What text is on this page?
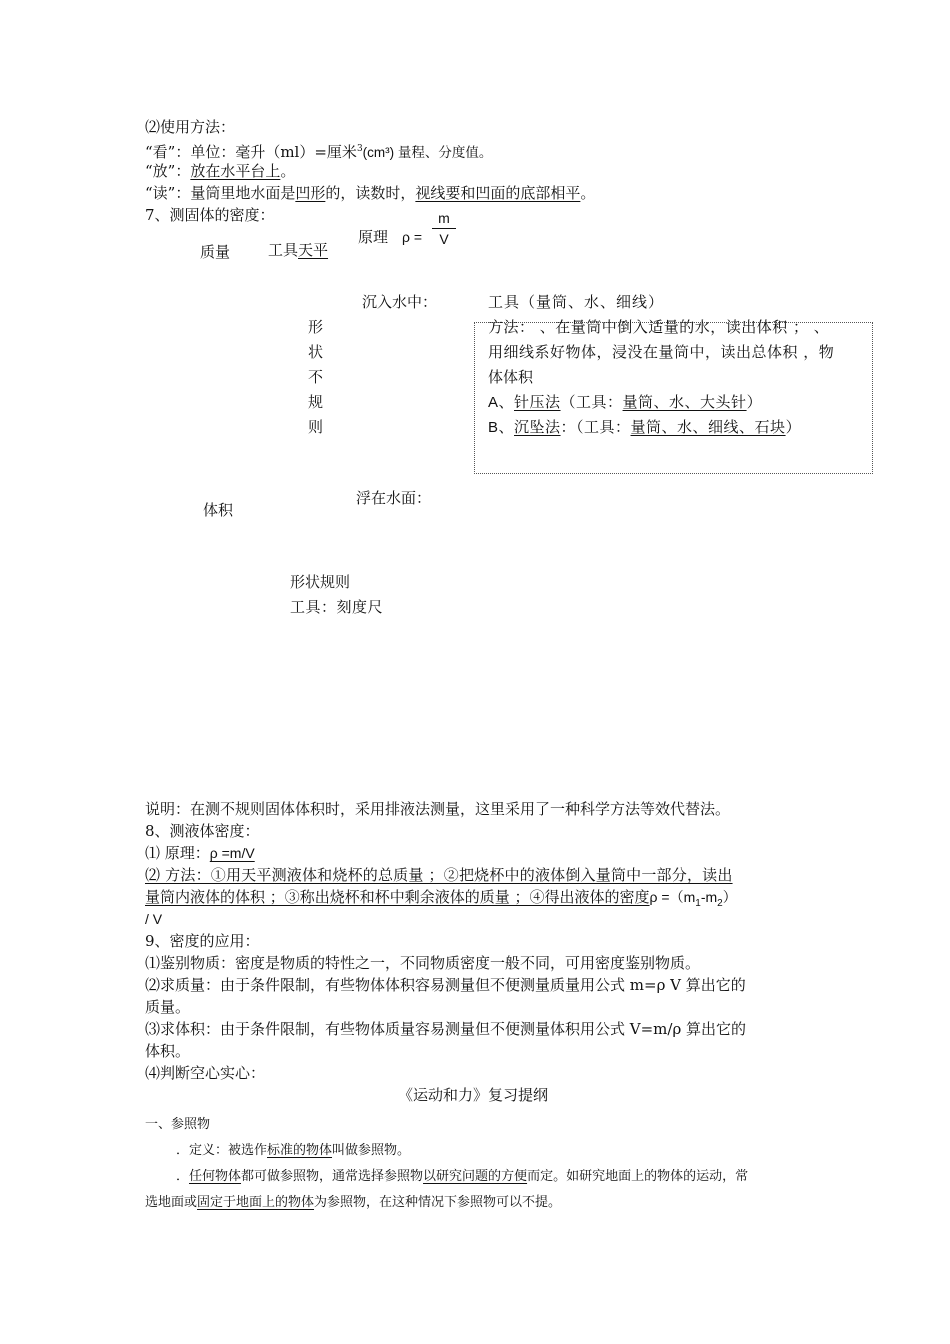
⑵使用方法：
“看”：单位：毫升（ml）=厘米$^3$(cm³) 量程、分度值。
“放”：放在水平台上。
“读”：量筒里地水面是凹形的，读数时，视线要和凹面的底部相平。
7、测固体的密度：
原理 ρ =
m
V
质量	工具天平
沉入水中：	工具（量筒、水、细线）
形
状
不
规
则
方法： 、在量筒中倒入适量的水，读出体积 ； 、
用细线系好物体，浸没在量筒中，读出总体积 ，物
体体积
A、针压法（工具：量筒、水、大头针）
B、沉坠法：（工具：量筒、水、细线、石块）
浮在水面：
体积
形状规则
工具：刻度尺
说明：在测不规则固体体积时，采用排液法测量，这里采用了一种科学方法等效代替法。
8、测液体密度：
⑴ 原理：ρ =m/V
⑵ 方法：①用天平测液体和烧杯的总质量 ；②把烧杯中的液体倒入量筒中一部分，读出
量筒内液体的体积 ；③称出烧杯和杯中剩余液体的质量 ；④得出液体的密度$\rho =(m_1-m_2)$
/ V
9、密度的应用：
⑴鉴别物质：密度是物质的特性之一，不同物质密度一般不同，可用密度鉴别物质。
⑵求质量：由于条件限制，有些物体体积容易测量但不便测量质量用公式 m=ρ V 算出它的
质量。
⑶求体积：由于条件限制，有些物体质量容易测量但不便测量体积用公式 V=m/ρ 算出它的
体积。
⑷判断空心实心：
《运动和力》复习提纲
一、参照物
．定义：被选作标准的物体叫做参照物。
．任何物体都可做参照物，通常选择参照物以研究问题的方便而定。如研究地面上的物体的运动，常
选地面或固定于地面上的物体为参照物，在这种情况下参照物可以不提。
